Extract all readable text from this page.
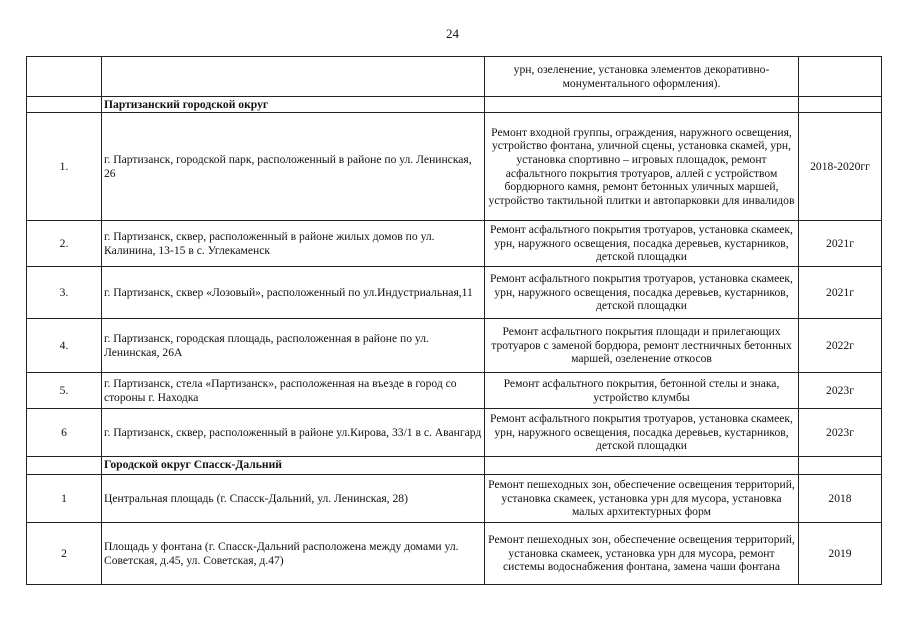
24
		урн, озеленение, установка элементов декоративно-монументального оформления).	
	Партизанский городской округ		
1.	г. Партизанск, городской парк, расположенный в районе по ул. Ленинская, 26	Ремонт входной группы, ограждения, наружного освещения, устройство фонтана, уличной сцены, установка скамей, урн, установка спортивно – игровых площадок, ремонт асфальтного покрытия тротуаров, аллей с устройством бордюрного камня, ремонт бетонных уличных маршей, устройство тактильной плитки и автопарковки для инвалидов	2018-2020гг
2.	г. Партизанск, сквер, расположенный в районе жилых домов по ул. Калинина, 13-15 в с. Углекаменск	Ремонт асфальтного покрытия тротуаров, установка скамеек, урн, наружного освещения, посадка деревьев, кустарников, детской площадки	2021г
3.	г. Партизанск, сквер «Лозовый», расположенный по ул.Индустриальная,11	Ремонт асфальтного покрытия тротуаров, установка скамеек, урн, наружного освещения, посадка деревьев, кустарников, детской площадки	2021г
4.	г. Партизанск, городская площадь, расположенная в районе по ул. Ленинская, 26А	Ремонт асфальтного покрытия площади и прилегающих тротуаров с заменой бордюра, ремонт лестничных бетонных маршей, озеленение откосов	2022г
5.	г. Партизанск, стела «Партизанск», расположенная на въезде в город со стороны г. Находка	Ремонт асфальтного покрытия, бетонной стелы и знака, устройство клумбы	2023г
6	г. Партизанск, сквер, расположенный в районе ул.Кирова, 33/1 в с. Авангард	Ремонт асфальтного покрытия тротуаров, установка скамеек, урн, наружного освещения, посадка деревьев, кустарников, детской площадки	2023г
	Городской округ Спасск-Дальний	

1	Центральная площадь (г. Спасск-Дальний, ул. Ленинская, 28)	Ремонт пешеходных зон, обеспечение освещения территорий, установка скамеек, установка урн для мусора, установка малых архитектурных форм	2018
2	Площадь у фонтана (г. Спасск-Дальний расположена между домами ул. Советская, д.45, ул. Советская, д.47)	Ремонт пешеходных зон, обеспечение освещения территорий, установка скамеек, установка урн для мусора, ремонт системы водоснабжения фонтана, замена чаши фонтана	2019
